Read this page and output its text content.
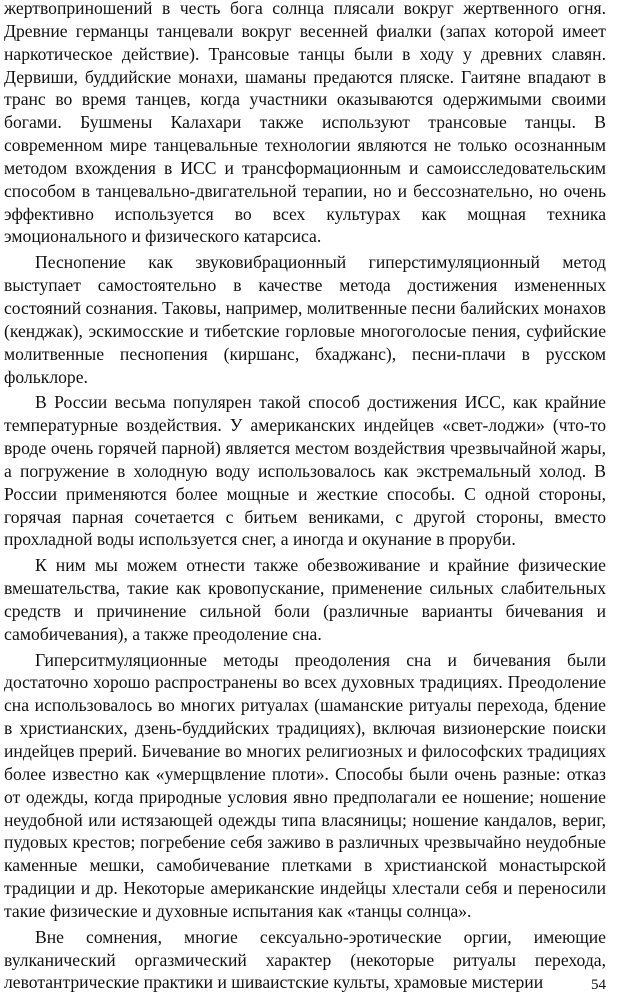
жертвоприношений в честь бога солнца плясали вокруг жертвенного огня. Древние германцы танцевали вокруг весенней фиалки (запах которой имеет наркотическое действие). Трансовые танцы были в ходу у древних славян. Дервиши, буддийские монахи, шаманы предаются пляске. Гаитяне впадают в транс во время танцев, когда участники оказываются одержимыми своими богами. Бушмены Калахари также используют трансовые танцы. В современном мире танцевальные технологии являются не только осознанным методом вхождения в ИСС и трансформационным и самоисследовательским способом в танцевально-двигательной терапии, но и бессознательно, но очень эффективно используется во всех культурах как мощная техника эмоционального и физического катарсиса.

Песнопение как звуковибрационный гиперстимуляционный метод выступает самостоятельно в качестве метода достижения измененных состояний сознания. Таковы, например, молитвенные песни балийских монахов (кенджак), эскимосские и тибетские горловые многоголосые пения, суфийские молитвенные песнопения (киршанс, бхаджанс), песни-плачи в русском фольклоре.

В России весьма популярен такой способ достижения ИСС, как крайние температурные воздействия. У американских индейцев «свет-лоджи» (что-то вроде очень горячей парной) является местом воздействия чрезвычайной жары, а погружение в холодную воду использовалось как экстремальный холод. В России применяются более мощные и жесткие способы. С одной стороны, горячая парная сочетается с битьем вениками, с другой стороны, вместо прохладной воды используется снег, а иногда и окунание в проруби.

К ним мы можем отнести также обезвоживание и крайние физические вмешательства, такие как кровопускание, применение сильных слабительных средств и причинение сильной боли (различные варианты бичевания и самобичевания), а также преодоление сна.

Гиперситмуляционные методы преодоления сна и бичевания были достаточно хорошо распространены во всех духовных традициях. Преодоление сна использовалось во многих ритуалах (шаманские ритуалы перехода, бдение в христианских, дзень-буддийских традициях), включая визионерские поиски индейцев прерий. Бичевание во многих религиозных и философских традициях более известно как «умерщвление плоти». Способы были очень разные: отказ от одежды, когда природные условия явно предполагали ее ношение; ношение неудобной или истязающей одежды типа власяницы; ношение кандалов, вериг, пудовых крестов; погребение себя заживо в различных чрезвычайно неудобные каменные мешки, самобичевание плетками в христианской монастырской традиции и др. Некоторые американские индейцы хлестали себя и переносили такие физические и духовные испытания как «танцы солнца».

Вне сомнения, многие сексуально-эротические оргии, имеющие вулканический оргазмический характер (некоторые ритуалы перехода, левотантрические практики и шиваистские культы, храмовые мистерии	54
